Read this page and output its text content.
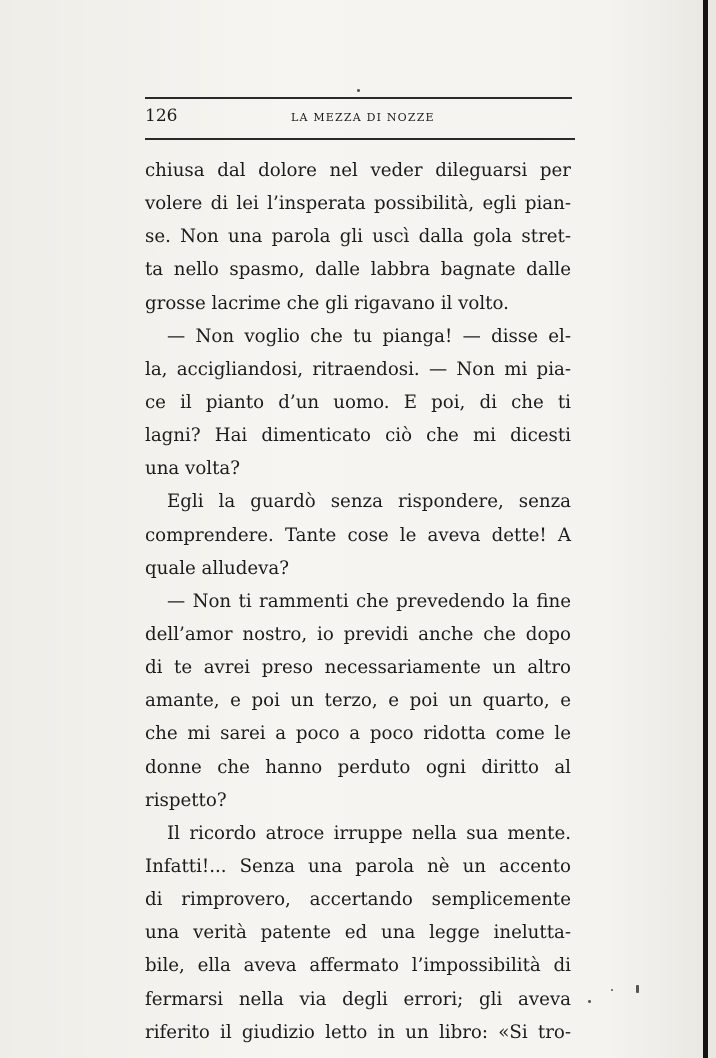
126	LA MEZZA DI NOZZE
chiusa dal dolore nel veder dileguarsi per
volere di lei l’insperata possibilità, egli pian-
se. Non una parola gli uscì dalla gola stret-
ta nello spasmo, dalle labbra bagnate dalle
grosse lacrime che gli rigavano il volto.
— Non voglio che tu pianga! — disse el-
la, accigliandosi, ritraendosi. — Non mi pia-
ce il pianto d’un uomo. E poi, di che ti
lagni? Hai dimenticato ciò che mi dicesti
una volta?
Egli la guardò senza rispondere, senza
comprendere. Tante cose le aveva dette! A
quale alludeva?
— Non ti rammenti che prevedendo la fine
dell’amor nostro, io previdi anche che dopo
di te avrei preso necessariamente un altro
amante, e poi un terzo, e poi un quarto, e
che mi sarei a poco a poco ridotta come le
donne che hanno perduto ogni diritto al
rispetto?
Il ricordo atroce irruppe nella sua mente.
Infatti!... Senza una parola nè un accento
di rimprovero, accertando semplicemente
una verità patente ed una legge ineluttа-
bile, ella aveva affermato l’impossibilità di
fermarsi nella via degli errori; gli aveva
riferito il giudizio letto in un libro: «Si tro-
